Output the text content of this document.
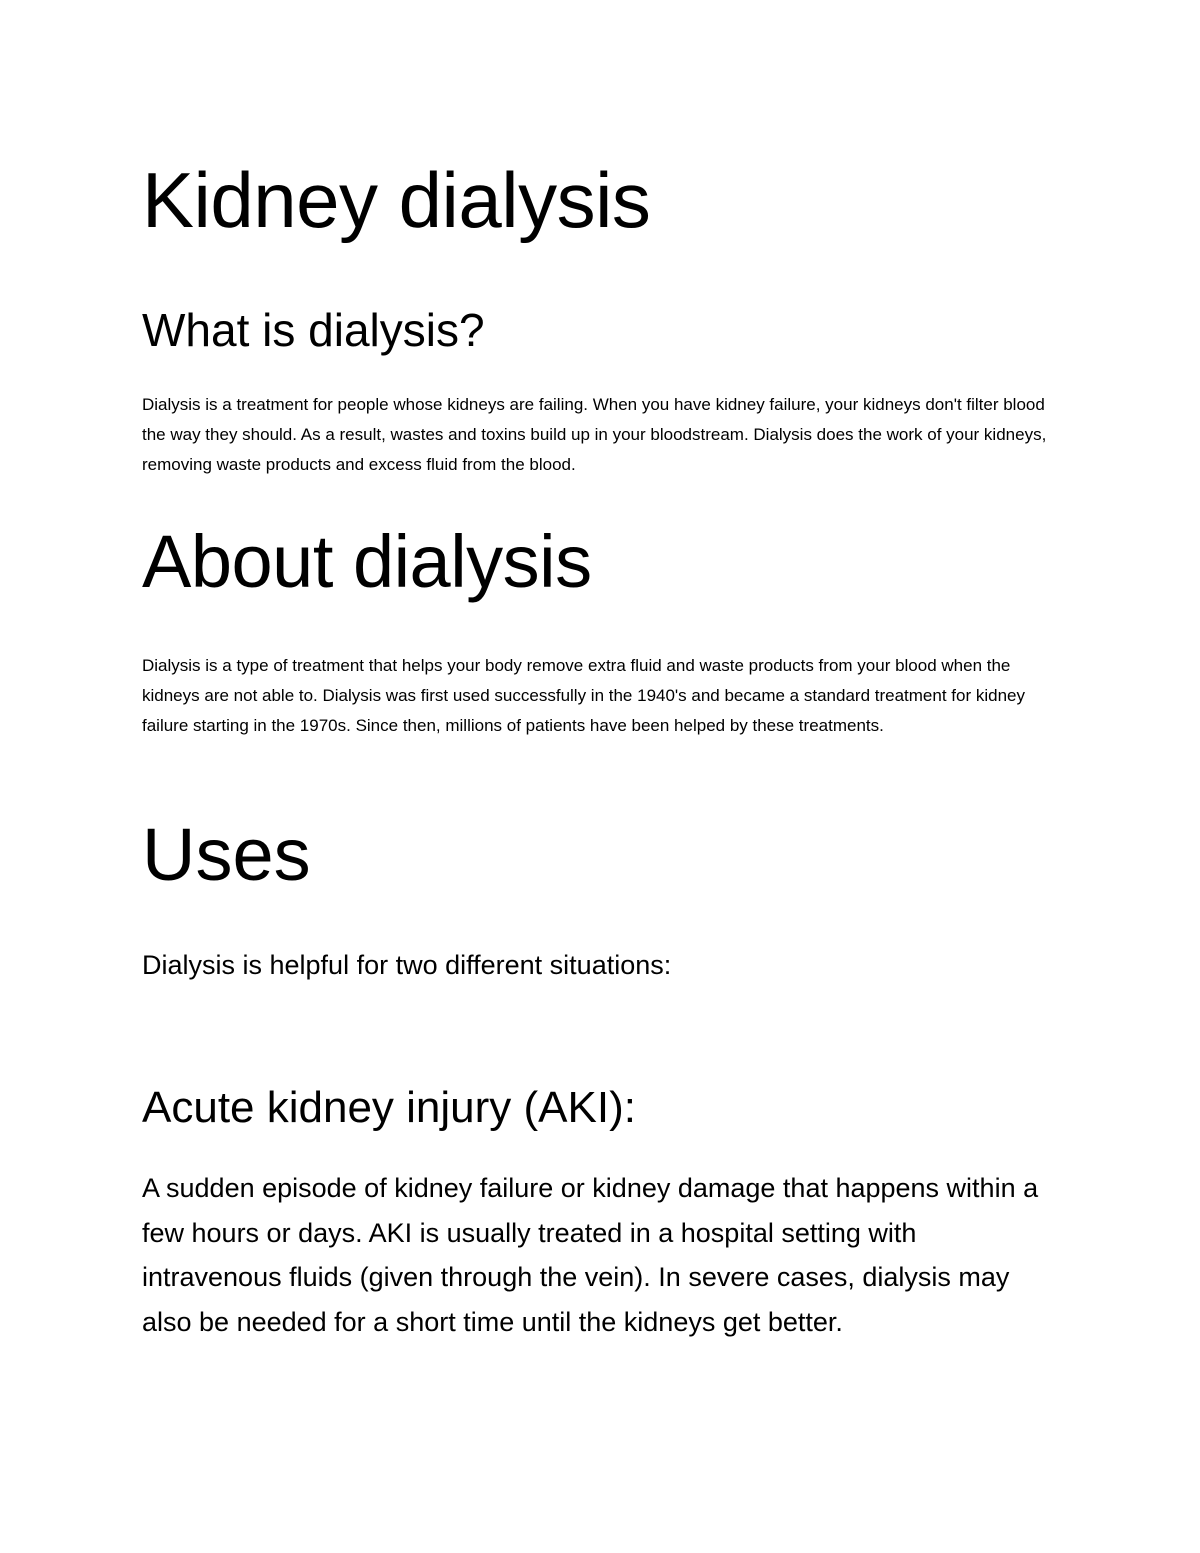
Kidney dialysis
What is dialysis?

Dialysis is a treatment for people whose kidneys are failing. When you have kidney failure, your kidneys don't filter blood the way they should. As a result, wastes and toxins build up in your bloodstream. Dialysis does the work of your kidneys, removing waste products and excess fluid from the blood.

About dialysis

Dialysis is a type of treatment that helps your body remove extra fluid and waste products from your blood when the kidneys are not able to. Dialysis was first used successfully in the 1940's and became a standard treatment for kidney failure starting in the 1970s. Since then, millions of patients have been helped by these treatments.

Uses

Dialysis is helpful for two different situations:

Acute kidney injury (AKI):

A sudden episode of kidney failure or kidney damage that happens within a few hours or days. AKI is usually treated in a hospital setting with intravenous fluids (given through the vein). In severe cases, dialysis may also be needed for a short time until the kidneys get better.
